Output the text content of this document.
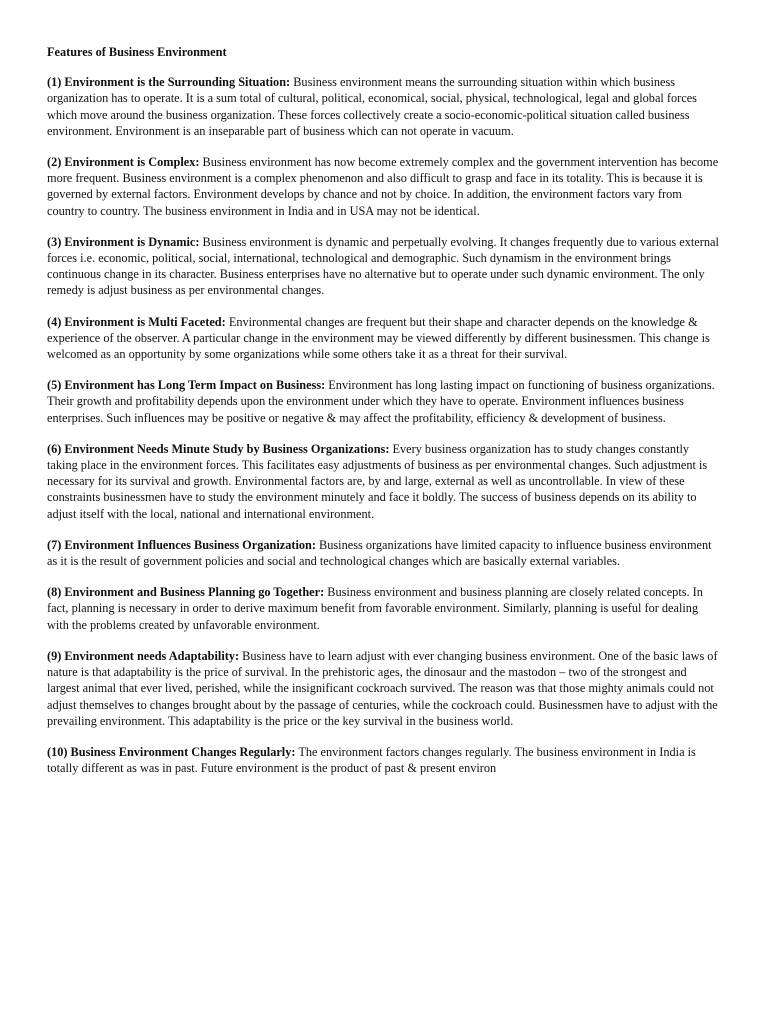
Features of Business Environment

(1) Environment is the Surrounding Situation: Business environment means the surrounding situation within which business organization has to operate. It is a sum total of cultural, political, economical, social, physical, technological, legal and global forces which move around the business organization. These forces collectively create a socio-economic-political situation called business environment. Environment is an inseparable part of business which can not operate in vacuum.

(2) Environment is Complex: Business environment has now become extremely complex and the government intervention has become more frequent. Business environment is a complex phenomenon and also difficult to grasp and face in its totality. This is because it is governed by external factors. Environment develops by chance and not by choice. In addition, the environment factors vary from country to country. The business environment in India and in USA may not be identical.

(3) Environment is Dynamic: Business environment is dynamic and perpetually evolving. It changes frequently due to various external forces i.e. economic, political, social, international, technological and demographic. Such dynamism in the environment brings continuous change in its character. Business enterprises have no alternative but to operate under such dynamic environment. The only remedy is adjust business as per environmental changes.

(4) Environment is Multi Faceted: Environmental changes are frequent but their shape and character depends on the knowledge & experience of the observer. A particular change in the environment may be viewed differently by different businessmen. This change is welcomed as an opportunity by some organizations while some others take it as a threat for their survival.

(5) Environment has Long Term Impact on Business: Environment has long lasting impact on functioning of business organizations. Their growth and profitability depends upon the environment under which they have to operate. Environment influences business enterprises. Such influences may be positive or negative & may affect the profitability, efficiency & development of business.

(6) Environment Needs Minute Study by Business Organizations: Every business organization has to study changes constantly taking place in the environment forces. This facilitates easy adjustments of business as per environmental changes. Such adjustment is necessary for its survival and growth. Environmental factors are, by and large, external as well as uncontrollable. In view of these constraints businessmen have to study the environment minutely and face it boldly. The success of business depends on its ability to adjust itself with the local, national and international environment.

(7) Environment Influences Business Organization: Business organizations have limited capacity to influence business environment as it is the result of government policies and social and technological changes which are basically external variables.

(8) Environment and Business Planning go Together: Business environment and business planning are closely related concepts. In fact, planning is necessary in order to derive maximum benefit from favorable environment. Similarly, planning is useful for dealing with the problems created by unfavorable environment.

(9) Environment needs Adaptability: Business have to learn adjust with ever changing business environment. One of the basic laws of nature is that adaptability is the price of survival. In the prehistoric ages, the dinosaur and the mastodon – two of the strongest and largest animal that ever lived, perished, while the insignificant cockroach survived. The reason was that those mighty animals could not adjust themselves to changes brought about by the passage of centuries, while the cockroach could. Businessmen have to adjust with the prevailing environment. This adaptability is the price or the key survival in the business world.

(10) Business Environment Changes Regularly: The environment factors changes regularly. The business environment in India is totally different as was in past. Future environment is the product of past & present environ
